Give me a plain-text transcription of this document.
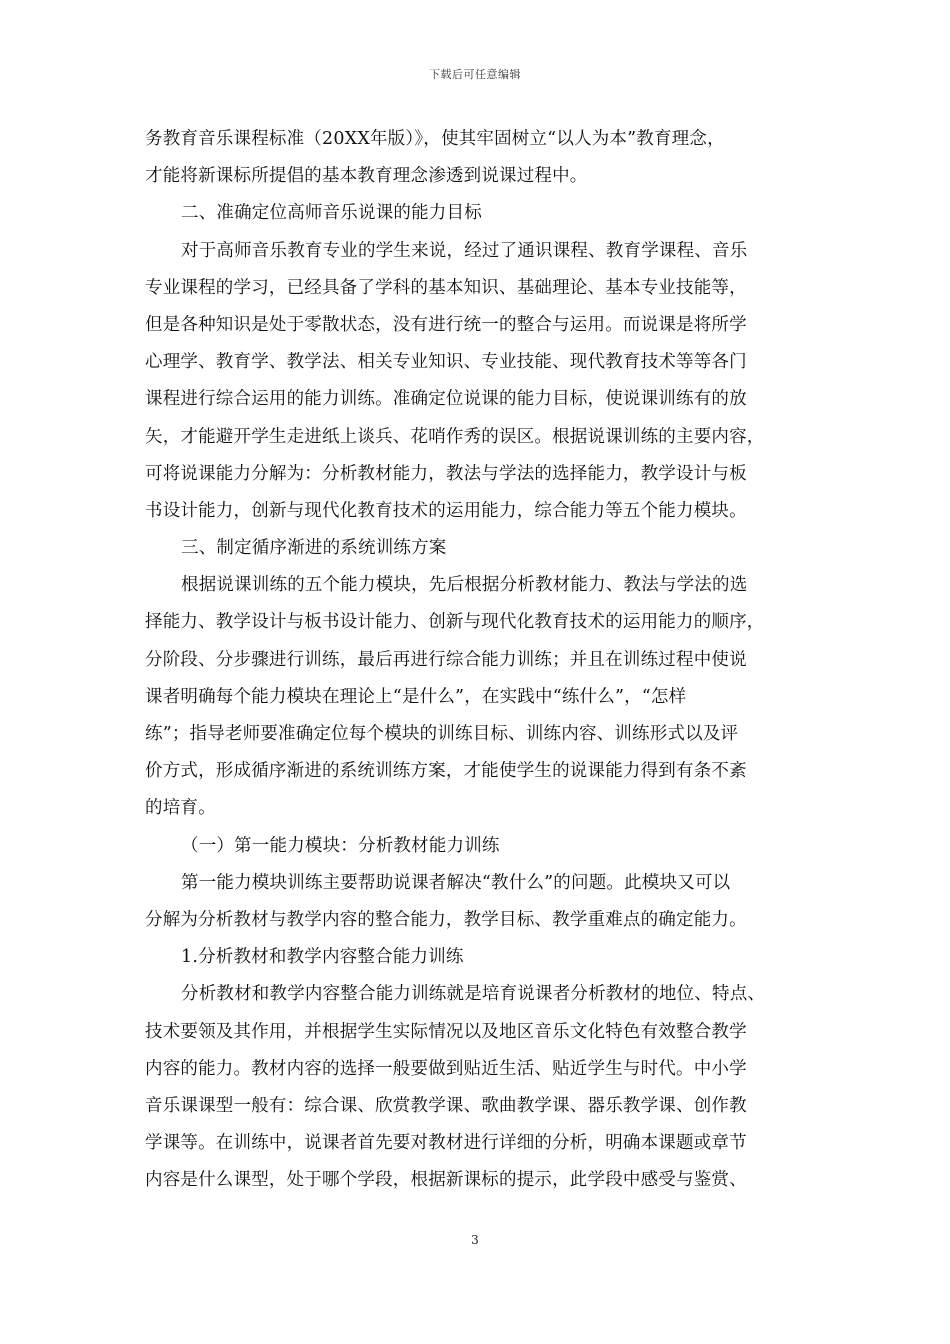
下载后可任意编辑
务教育音乐课程标准（20XX年版）》，使其牢固树立“以人为本”教育理念，
才能将新课标所提倡的基本教育理念渗透到说课过程中。
二、准确定位高师音乐说课的能力目标
对于高师音乐教育专业的学生来说，经过了通识课程、教育学课程、音乐
专业课程的学习，已经具备了学科的基本知识、基础理论、基本专业技能等，
但是各种知识是处于零散状态，没有进行统一的整合与运用。而说课是将所学
心理学、教育学、教学法、相关专业知识、专业技能、现代教育技术等等各门
课程进行综合运用的能力训练。准确定位说课的能力目标，使说课训练有的放
矢，才能避开学生走进纸上谈兵、花哨作秀的误区。根据说课训练的主要内容，
可将说课能力分解为：分析教材能力，教法与学法的选择能力，教学设计与板
书设计能力，创新与现代化教育技术的运用能力，综合能力等五个能力模块。
三、制定循序渐进的系统训练方案
根据说课训练的五个能力模块，先后根据分析教材能力、教法与学法的选
择能力、教学设计与板书设计能力、创新与现代化教育技术的运用能力的顺序，
分阶段、分步骤进行训练，最后再进行综合能力训练；并且在训练过程中使说
课者明确每个能力模块在理论上“是什么”，在实践中“练什么”，“怎样
练”；指导老师要准确定位每个模块的训练目标、训练内容、训练形式以及评
价方式，形成循序渐进的系统训练方案，才能使学生的说课能力得到有条不紊
的培育。
（一）第一能力模块：分析教材能力训练
第一能力模块训练主要帮助说课者解决“教什么”的问题。此模块又可以
分解为分析教材与教学内容的整合能力，教学目标、教学重难点的确定能力。
1.分析教材和教学内容整合能力训练
分析教材和教学内容整合能力训练就是培育说课者分析教材的地位、特点、
技术要领及其作用，并根据学生实际情况以及地区音乐文化特色有效整合教学
内容的能力。教材内容的选择一般要做到贴近生活、贴近学生与时代。中小学
音乐课课型一般有：综合课、欣赏教学课、歌曲教学课、器乐教学课、创作教
学课等。在训练中，说课者首先要对教材进行详细的分析，明确本课题或章节
内容是什么课型，处于哪个学段，根据新课标的提示，此学段中感受与鉴赏、
3
